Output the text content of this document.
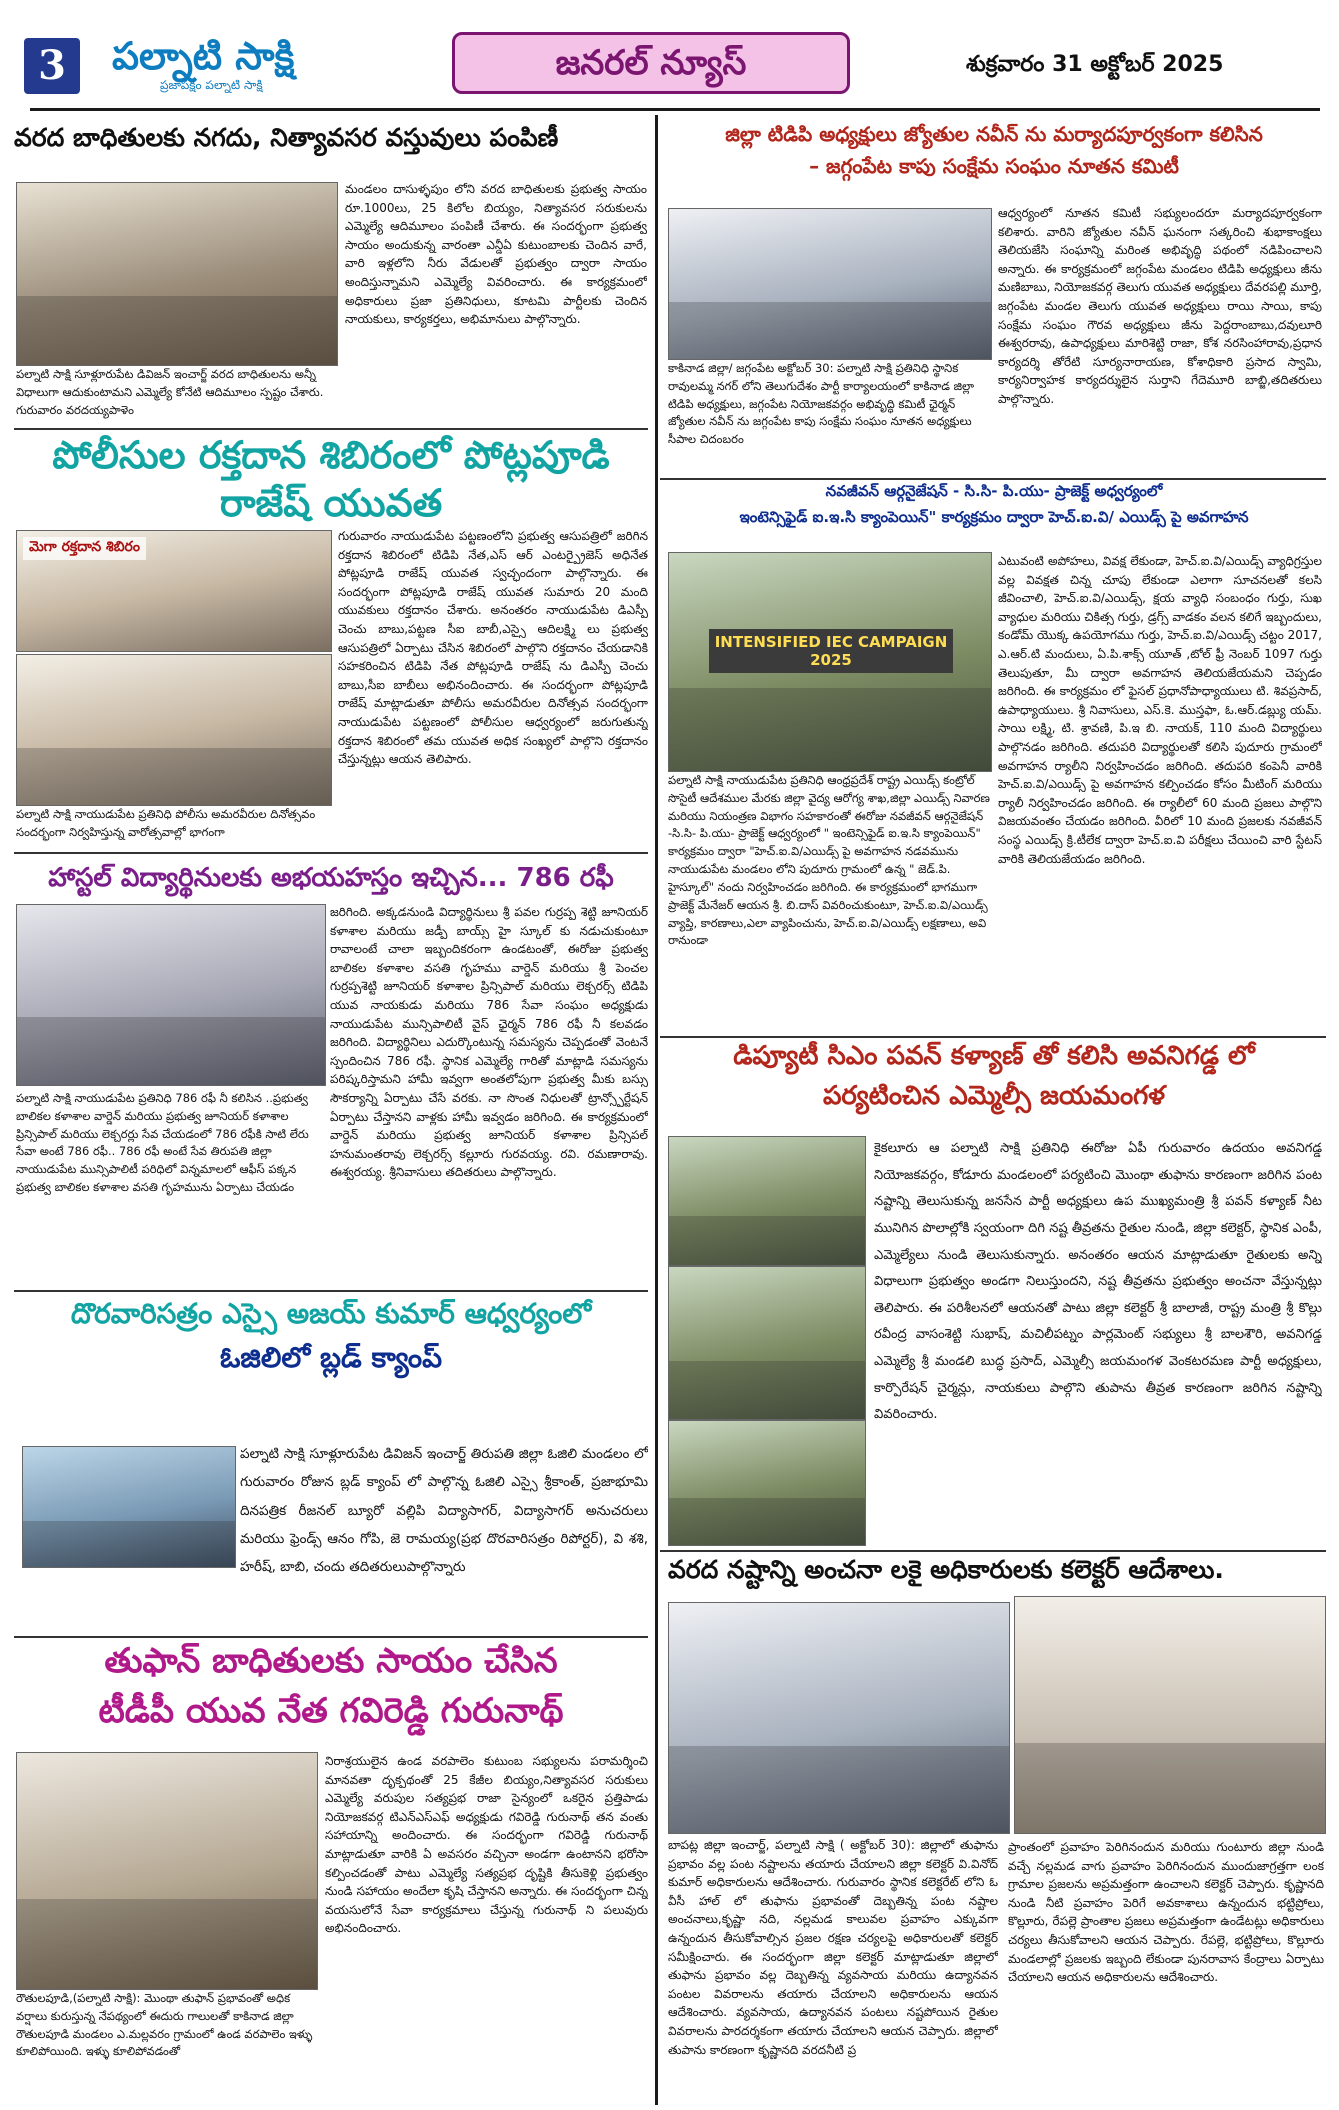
3	పల్నాటి సాక్షి
ప్రజాపక్షం పల్నాటి సాక్షి
జనరల్ న్యూస్	శుక్రవారం 31 అక్టోబర్ 2025
వరద బాధితులకు నగదు, నిత్యావసర వస్తువులు పంపిణీ
పల్నాటి సాక్షి సూళ్లూరుపేట డివిజన్ ఇంచార్జ్ వరద బాధితులను అన్నీ విధాలుగా ఆదుకుంటామని ఎమ్మెల్యే కోనేటి ఆదిమూలం స్పష్టం చేశారు. గురువారం వరదయ్యపాళెం
మండలం దాసుళ్ళపుం లోని వరద బాధితులకు ప్రభుత్వ సాయం రూ.1000లు, 25 కిలోల బియ్యం, నిత్యావసర సరుకులను ఎమ్మెల్యే ఆదిమూలం పంపిణీ చేశారు. ఈ సందర్భంగా ప్రభుత్వ సాయం అందుకున్న వారంతా ఎన్డీఏ కుటుంబాలకు చెందిన వారే, వారి ఇళ్లలోని నీరు వేడులతో ప్రభుత్వం ద్వారా సాయం అందిస్తున్నామని ఎమ్మెల్యే వివరించారు. ఈ కార్యక్రమంలో అధికారులు ప్రజా ప్రతినిధులు, కూటమి పార్టీలకు చెందిన నాయకులు, కార్యకర్తలు, అభిమానులు పాల్గొన్నారు.
పోలీసుల రక్తదాన శిబిరంలో పోట్లపూడి రాజేష్ యువత
మెగా రక్తదాన శిబిరం
పల్నాటి సాక్షి నాయుడుపేట ప్రతినిధి పోలీసు అమరవీరుల దినోత్సవం సందర్భంగా నిర్వహిస్తున్న వారోత్సవాల్లో భాగంగా
గురువారం నాయుడుపేట పట్టణంలోని ప్రభుత్వ ఆసుపత్రిలో జరిగిన రక్తదాన శిబిరంలో టిడిపి నేత,ఎస్ ఆర్ ఎంటర్ప్రైజెస్ అధినేత పోట్లపూడి రాజేష్ యువత స్వచ్ఛందంగా పాల్గొన్నారు. ఈ సందర్భంగా పోట్లపూడి రాజేష్ యువత సుమారు 20 మంది యువకులు రక్తదానం చేశారు. అనంతరం నాయుడుపేట డిఎస్పీ చెంచు బాబు,పట్టణ సీఐ బాబీ,ఎస్సై ఆదిలక్ష్మి లు ప్రభుత్వ ఆసుపత్రిలో ఏర్పాటు చేసిన శిబిరంలో పాల్గొని రక్తదానం చేయడానికి సహకరించిన టిడిపి నేత పోట్లపూడి రాజేష్ ను డిఎస్పీ చెంచు బాబు,సీఐ బాబీలు అభినందించారు. ఈ సందర్భంగా పోట్లపూడి రాజేష్ మాట్లాడుతూ పోలీసు అమరవీరుల దినోత్సవ సందర్భంగా నాయుడుపేట పట్టణంలో పోలీసుల ఆధ్వర్యంలో జరుగుతున్న రక్తదాన శిబిరంలో తమ యువత అధిక సంఖ్యలో పాల్గొని రక్తదానం చేస్తున్నట్లు ఆయన తెలిపారు.
హాస్టల్ విద్యార్థినులకు అభయహస్తం ఇచ్చిన... 786 రఫీ
పల్నాటి సాక్షి నాయుడుపేట ప్రతినిధి 786 రఫీ నీ కలిసిన ..ప్రభుత్వ బాలికల కళాశాల వార్డెన్ మరియు ప్రభుత్వ జూనియర్ కళాశాల ప్రిన్సిపాల్ మరియు లెక్చరర్లు సేవ చేయడంలో 786 రఫీకి సాటి లేరు సేవా అంటే 786 రఫీ.. 786 రఫీ అంటే సేవ తిరుపతి జిల్లా నాయుడుపేట మున్సిపాలిటీ పరిధిలో విన్నమాలలో ఆఫీస్ పక్కన ప్రభుత్వ బాలికల కళాశాల వసతి గృహమును ఏర్పాటు చేయడం
జరిగింది. అక్కడనుండి విద్యార్థినులు శ్రీ పవల గుర్రప్ప శెట్టి జూనియర్ కళాశాల మరియు జడ్పీ బాయ్స్ హై స్కూల్ కు నడుచుకుంటూ రావాలంటే చాలా ఇబ్బందికరంగా ఉండటంతో, ఈరోజు ప్రభుత్వ బాలికల కళాశాల వసతి గృహము వార్డెన్ మరియు శ్రీ పెంచల గుర్రప్పశెట్టి జూనియర్ కళాశాల ప్రిన్సిపాల్ మరియు లెక్చరర్స్ టిడిపి యువ నాయకుడు మరియు 786 సేవా సంఘం అధ్యక్షుడు నాయుడుపేట మున్సిపాలిటీ వైస్ ఛైర్మన్ 786 రఫీ నీ కలవడం జరిగింది. విద్యార్థినిలు ఎదుర్కొంటున్న సమస్యను చెప్పడంతో వెంటనే స్పందించిన 786 రఫీ. స్థానిక ఎమ్మెల్యే గారితో మాట్లాడి సమస్యను పరిష్కరిస్తామని హామీ ఇవ్వగా అంతలోపుగా ప్రభుత్వ మీకు బస్సు సౌకర్యాన్ని ఏర్పాటు చేసే వరకు. నా సొంత నిధులతో ట్రాన్స్పోర్టేషన్ ఏర్పాటు చేస్తానని వాళ్లకు హామీ ఇవ్వడం జరిగింది. ఈ కార్యక్రమంలో వార్డెన్ మరియు ప్రభుత్వ జూనియర్ కళాశాల ప్రిన్సిపల్ హనుమంతరావు లెక్చరర్స్ కల్లూరు గురవయ్య. రవి. రమణారావు. ఈశ్వరయ్య. శ్రీనివాసులు తదితరులు పాల్గొన్నారు.
దొరవారిసత్రం ఎస్సై అజయ్ కుమార్ ఆధ్వర్యంలో
ఓజిలిలో బ్లడ్ క్యాంప్
పల్నాటి సాక్షి సూళ్లూరుపేట డివిజన్ ఇంచార్జ్ తిరుపతి జిల్లా ఓజిలి మండలం లో గురువారం రోజున బ్లడ్ క్యాంప్ లో పాల్గొన్న ఓజిలి ఎస్సై శ్రీకాంత్, ప్రజాభూమి దినపత్రిక రీజనల్ బ్యూరో వల్లిపి విద్యాసాగర్, విద్యాసాగర్ అనుచరులు మరియు ఫ్రెండ్స్ ఆనం గోపి, జె రామయ్య(ప్రభ దొరవారిసత్రం రిపోర్టర్), వి శశి, హరీష్, బాబి, చందు తదితరులుపాల్గొన్నారు
తుఫాన్ బాధితులకు సాయం చేసిన
టీడీపీ యువ నేత గవిరెడ్డి గురునాథ్
రౌతులపూడి,(పల్నాటి సాక్షి): మొంథా తుఫాన్ ప్రభావంతో అధిక వర్షాలు కురుస్తున్న నేపథ్యంలో ఈదురు గాలులతో కాకినాడ జిల్లా రౌతులపూడి మండలం ఎ.మల్లవరం గ్రామంలో ఉండ వరపాలెం ఇళ్ళు కూలిపోయింది. ఇళ్ళు కూలిపోవడంతో
నిరాశ్రయులైన ఉండ వరపాలెం కుటుంబ సభ్యులను పరామర్శించి మానవతా దృక్పథంతో 25 కేజీల బియ్యం,నిత్యావసర సరుకులు ఎమ్మెల్యే వరుపుల సత్యప్రభ రాజా సైన్యంలో ఒకరైన ప్రత్తిపాడు నియోజకవర్గ టిఎన్ఎస్ఎఫ్ అధ్యక్షుడు గవిరెడ్డి గురునాథ్ తన వంతు సహాయాన్ని అందించారు. ఈ సందర్భంగా గవిరెడ్డి గురునాథ్ మాట్లాడుతూ వారికి ఏ అవసరం వచ్చినా అండగా ఉంటానని భరోసా కల్పించడంతో పాటు ఎమ్మెల్యే సత్యప్రభ దృష్టికి తీసుకెళ్లి ప్రభుత్వం నుండి సహాయం అందేలా కృషి చేస్తానని అన్నారు. ఈ సందర్భంగా చిన్న వయసులోనే సేవా కార్యక్రమాలు చేస్తున్న గురునాథ్ ని పలువురు అభినందించారు.
జిల్లా టిడిపి అధ్యక్షులు జ్యోతుల నవీన్ ను మర్యాదపూర్వకంగా కలిసిన
– జగ్గంపేట కాపు సంక్షేమ సంఘం నూతన కమిటీ
కాకినాడ జిల్లా/ జగ్గంపేట అక్టోబర్ 30: పల్నాటి సాక్షి ప్రతినిధి స్థానిక రావులమ్మ నగర్ లోని తెలుగుదేశం పార్టీ కార్యాలయంలో కాకినాడ జిల్లా టిడిపి అధ్యక్షులు, జగ్గంపేట నియోజకవర్గం అభివృద్ధి కమిటీ ఛైర్మన్ జ్యోతుల నవీన్ ను జగ్గంపేట కాపు సంక్షేమ సంఘం నూతన అధ్యక్షులు సీపాల చిదంబరం
ఆధ్వర్యంలో నూతన కమిటీ సభ్యులందరూ మర్యాదపూర్వకంగా కలిశారు. వారిని జ్యోతుల నవీన్ ఘనంగా సత్కరించి శుభాకాంక్షలు తెలియజేసి సంఘాన్ని మరింత అభివృద్ధి పథంలో నడిపించాలని అన్నారు. ఈ కార్యక్రమంలో జగ్గంపేట మండలం టిడిపి అధ్యక్షులు జీను మణిబాబు, నియోజకవర్గ తెలుగు యువత అధ్యక్షులు దేవరపల్లి మూర్తి, జగ్గంపేట మండల తెలుగు యువత అధ్యక్షులు రాయి సాయి, కాపు సంక్షేమ సంఘం గౌరవ అధ్యక్షులు జీను పెద్దరాంబాబు,దవులూరి ఈశ్వరరావు, ఉపాధ్యక్షులు మారిశెట్టి రాజా, కోశ నరసింహారావు,ప్రధాన కార్యదర్శి తోరేటి సూర్యనారాయణ, కోశాధికారి ప్రసాద స్వామి, కార్యనిర్వాహక కార్యదర్శులైన సుర్తాని గేదెమూరి బాబ్జి,తదితరులు పాల్గొన్నారు.
నవజీవన్ ఆర్గనైజేషన్ - సి.సి- పి.యు- ప్రాజెక్ట్ అధ్వర్యంలో
ఇంటెన్సిఫైడ్ ఐ.ఇ.సి క్యాంపెయిన్" కార్యక్రమం ద్వారా హెచ్.ఐ.వి/ ఎయిడ్స్ పై అవగాహన
INTENSIFIED IEC CAMPAIGN 2025
పల్నాటి సాక్షి నాయుడుపేట ప్రతినిధి ఆంధ్రప్రదేశ్ రాష్ట్ర ఎయిడ్స్ కంట్రోల్ సొసైటీ ఆదేశముల మేరకు జిల్లా వైద్య ఆరోగ్య శాఖ,జిల్లా ఎయిడ్స్ నివారణ మరియు నియంత్రణ విభాగం సహకారంతో ఈరోజు నవజీవన్ ఆర్గనైజేషన్ -సి.సి- పి.యు- ప్రాజెక్ట్ ఆధ్వర్యంలో " ఇంటెన్సిఫైడ్ ఐ.ఇ.సి క్యాంపెయిన్" కార్యక్రమం ద్వారా "హెచ్.ఐ.వి/ఎయిడ్స్ పై అవగాహన నడవమును నాయుడుపేట మండలం లోని పుదూరు గ్రామంలో ఉన్న " జెడ్.పి. హైస్కూల్" నందు నిర్వహించడం జరిగింది. ఈ కార్యక్రమంలో భాగముగా ప్రాజెక్ట్ మేనేజర్ ఆయన శ్రీ. బి.దాస్ వివరించుకుంటూ, హెచ్.ఐ.వి/ఎయిడ్స్ వ్యాప్తి, కారణాలు,ఎలా వ్యాపించును, హెచ్.ఐ.వి/ఎయిడ్స్ లక్షణాలు, అవి రానుండా
ఎటువంటి అపోహలు, వివక్ష లేకుండా, హెచ్.ఐ.వి/ఎయిడ్స్ వ్యాధిగ్రస్తుల వల్ల వివక్షత చిన్న చూపు లేకుండా ఎలాగా సూచనలతో కలసి జీవించాలి, హెచ్.ఐ.వి/ఎయిడ్స్, క్షయ వ్యాధి సంబంధం గుర్తు, సుఖ వ్యాధుల మరియు చికిత్స గుర్తు, డ్రగ్స్ వాడకం వలన కలిగే ఇబ్బందులు, కండోమ్ యొక్క ఉపయోగము గుర్తు, హెచ్.ఐ.వి/ఎయిడ్స్ చట్టం 2017, ఎ.ఆర్.టి మందులు, ఏ.పి.శాక్స్ యూత్ ,టోల్ ఫ్రీ నెంబర్ 1097 గుర్తు తెలుపుతూ, మీ ద్వారా అవగాహన తెలియజేయమని చెప్పడం జరిగింది. ఈ కార్యక్రమం లో ఫైసల్ ప్రధానోపాధ్యాయులు టి. శివప్రసాద్, ఉపాధ్యాయులు. శ్రీ నివాసులు, ఎస్.కె. ముస్తఫా, ఓ.ఆర్.డబ్ల్యు యమ్. సాయి లక్ష్మి, టి. శ్రావణి, పి.ఇ బి. నాయక్, 110 మంది విద్యార్థులు పాల్గొనడం జరిగింది. తదుపరి విద్యార్థులతో కలిసి పుదూరు గ్రామంలో అవగాహన ర్యాలీని నిర్వహించడం జరిగింది. తదుపరి కంపెనీ వారికి హెచ్.ఐ.వి/ఎయిడ్స్ పై అవగాహన కల్పించడం కోసం మీటింగ్ మరియు ర్యాలీ నిర్వహించడం జరిగింది. ఈ ర్యాలీలో 60 మంది ప్రజలు పాల్గొని విజయవంతం చేయడం జరిగింది. వీరిలో 10 మంది ప్రజలకు నవజీవన్ సంస్థ ఎయిడ్స్ క్రి.టీలేక ద్వారా హెచ్.ఐ.వి పరీక్షలు చేయించి వారి స్టేటస్ వారికి తెలియజేయడం జరిగింది.
డిప్యూటీ సిఎం పవన్ కళ్యాణ్ తో కలిసి అవనిగడ్డ లో
పర్యటించిన ఎమ్మెల్సీ జయమంగళ
కైకలూరు ఆ పల్నాటి సాక్షి ప్రతినిధి ఈరోజు ఏపీ గురువారం ఉదయం అవనిగడ్డ నియోజకవర్గం, కోడూరు మండలంలో పర్యటించి మొంథా తుఫాను కారణంగా జరిగిన పంట నష్టాన్ని తెలుసుకున్న జనసేన పార్టీ అధ్యక్షులు ఉప ముఖ్యమంత్రి శ్రీ పవన్ కళ్యాణ్ నీట మునిగిన పొలాల్లోకి స్వయంగా దిగి నష్ట తీవ్రతను రైతుల నుండి, జిల్లా కలెక్టర్, స్థానిక ఎంపీ, ఎమ్మెల్యేలు నుండి తెలుసుకున్నారు. అనంతరం ఆయన మాట్లాడుతూ రైతులకు అన్ని విధాలుగా ప్రభుత్వం అండగా నిలుస్తుందని, నష్ట తీవ్రతను ప్రభుత్వం అంచనా వేస్తున్నట్లు తెలిపారు. ఈ పరిశీలనలో ఆయనతో పాటు జిల్లా కలెక్టర్ శ్రీ బాలాజీ, రాష్ట్ర మంత్రి శ్రీ కొల్లు రవీంద్ర వాసంశెట్టి సుభాష్, మచిలీపట్నం పార్లమెంట్ సభ్యులు శ్రీ బాలశౌరి, అవనిగడ్డ ఎమ్మెల్యే శ్రీ మండలి బుద్ధ ప్రసాద్, ఎమ్మెల్సీ జయమంగళ వెంకటరమణ పార్టీ అధ్యక్షులు, కార్పొరేషన్ చైర్మన్లు, నాయకులు పాల్గొని తుపాను తీవ్రత కారణంగా జరిగిన నష్టాన్ని వివరించారు.
వరద నష్టాన్ని అంచనా లకై అధికారులకు కలెక్టర్ ఆదేశాలు.
బాపట్ల జిల్లా ఇంచార్జ్, పల్నాటి సాక్షి ( అక్టోబర్ 30): జిల్లాలో తుఫాను ప్రభావం వల్ల పంట నష్టాలను తయారు చేయాలని జిల్లా కలెక్టర్ వి.వినోద్ కుమార్ అధికారులను ఆదేశించారు. గురువారం స్థానిక కలెక్టరేట్ లోని ఓ వీసీ హాల్ లో తుఫాను ప్రభావంతో దెబ్బతిన్న పంట నష్టాల అంచనాలు,కృష్ణా నది, నల్లమడ కాలువల ప్రవాహం ఎక్కువగా ఉన్నందున తీసుకోవాల్సిన ప్రజల రక్షణ చర్యలపై అధికారులతో కలెక్టర్ సమీక్షించారు. ఈ సందర్భంగా జిల్లా కలెక్టర్ మాట్లాడుతూ జిల్లాలో తుఫాను ప్రభావం వల్ల దెబ్బతిన్న వ్యవసాయ మరియు ఉద్యానవన పంటల వివరాలను తయారు చేయాలని అధికారులను ఆయన ఆదేశించారు. వ్యవసాయ, ఉద్యానవన పంటలు నష్టపోయిన రైతుల వివరాలను పారదర్శకంగా తయారు చేయాలని ఆయన చెప్పారు. జిల్లాలో తుపాను కారణంగా కృష్ణానది వరదనీటి ప్ర
ప్రాంతంలో ప్రవాహం పెరిగినందున మరియు గుంటూరు జిల్లా నుండి వచ్చే నల్లమడ వాగు ప్రవాహం పెరిగినందున ముందుజాగ్రత్తగా లంక గ్రామాల ప్రజలను అప్రమత్తంగా ఉంచాలని కలెక్టర్ చెప్పారు. కృష్ణానది నుండి నీటి ప్రవాహం పెరిగే అవకాశాలు ఉన్నందున భట్టిప్రోలు, కొల్లూరు, రేపల్లె ప్రాంతాల ప్రజలు అప్రమత్తంగా ఉండేటట్లు అధికారులు చర్యలు తీసుకోవాలని ఆయన చెప్పారు. రేపల్లె, భట్టిప్రోలు, కొల్లూరు మండలాల్లో ప్రజలకు ఇబ్బంది లేకుండా పునరావాస కేంద్రాలు ఏర్పాటు చేయాలని ఆయన అధికారులను ఆదేశించారు.
